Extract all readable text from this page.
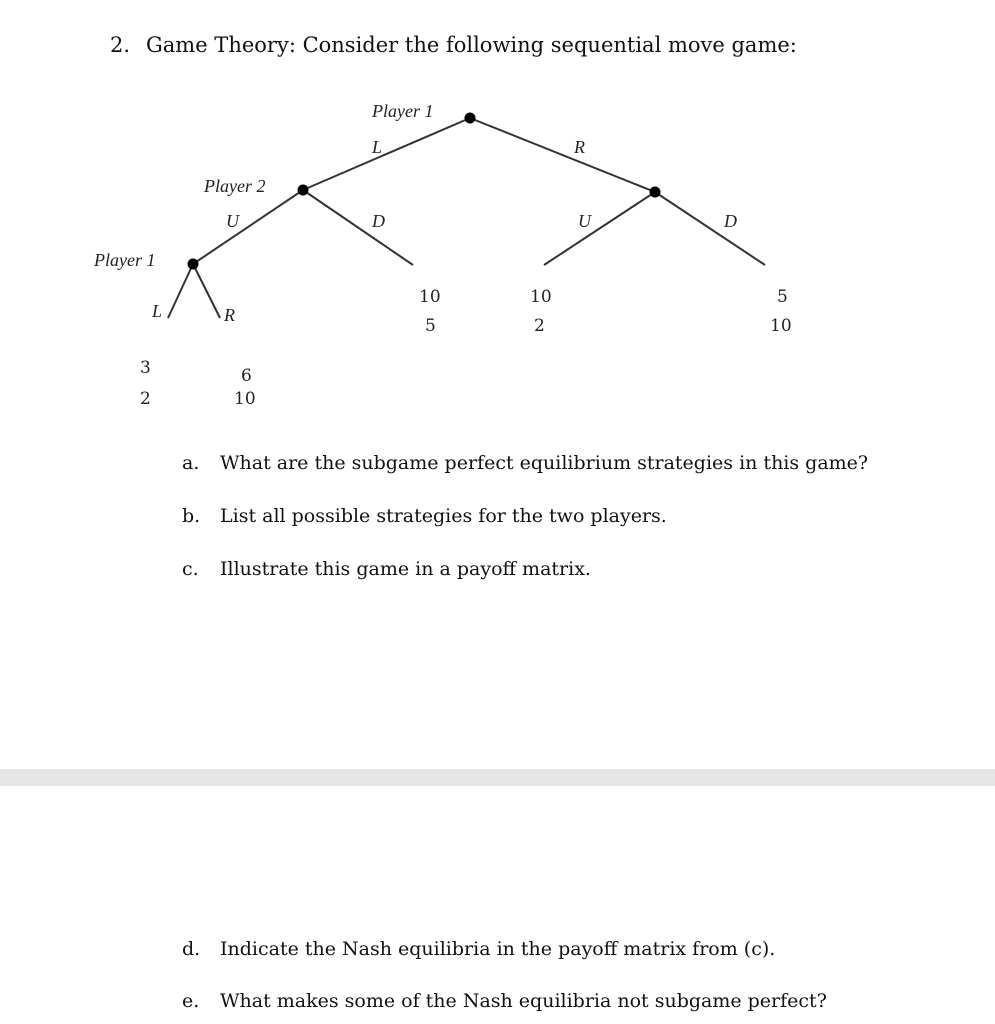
2. Game Theory: Consider the following sequential move game:
Player 1
Player 2
Player 1
L	R
U	D	U	D
L	R
3
2
6
10
10
5
10
2
5
10
a. What are the subgame perfect equilibrium strategies in this game?
b. List all possible strategies for the two players.
c. Illustrate this game in a payoff matrix.
d. Indicate the Nash equilibria in the payoff matrix from (c).
e. What makes some of the Nash equilibria not subgame perfect?
